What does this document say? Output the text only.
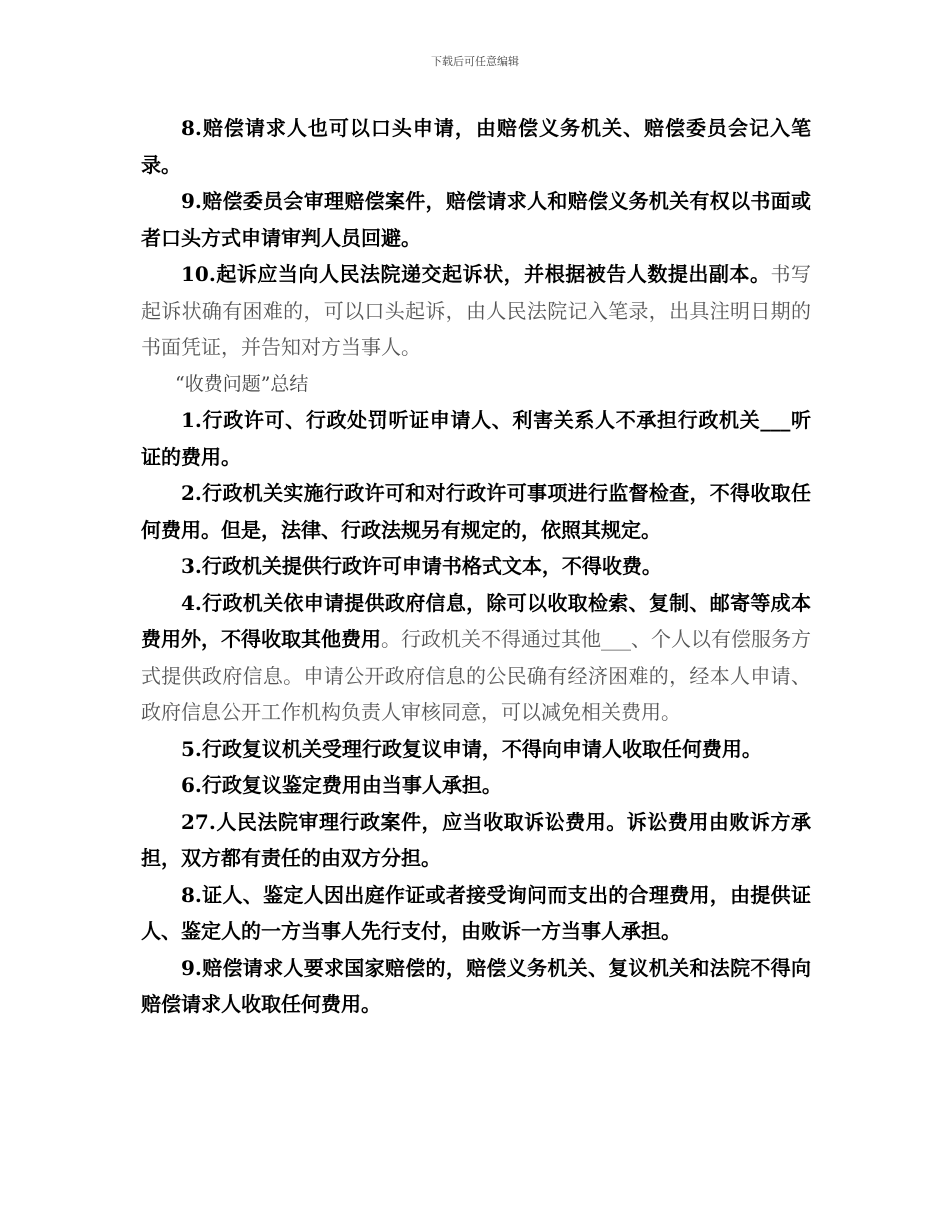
下载后可任意编辑

8.赔偿请求人也可以口头申请，由赔偿义务机关、赔偿委员会记入笔录。

9.赔偿委员会审理赔偿案件，赔偿请求人和赔偿义务机关有权以书面或者口头方式申请审判人员回避。

10.起诉应当向人民法院递交起诉状，并根据被告人数提出副本。书写起诉状确有困难的，可以口头起诉，由人民法院记入笔录，出具注明日期的书面凭证，并告知对方当事人。

“收费问题”总结

1.行政许可、行政处罚听证申请人、利害关系人不承担行政机关___听证的费用。

2.行政机关实施行政许可和对行政许可事项进行监督检查，不得收取任何费用。但是，法律、行政法规另有规定的，依照其规定。

3.行政机关提供行政许可申请书格式文本，不得收费。

4.行政机关依申请提供政府信息，除可以收取检索、复制、邮寄等成本费用外，不得收取其他费用。行政机关不得通过其他___、个人以有偿服务方式提供政府信息。申请公开政府信息的公民确有经济困难的，经本人申请、政府信息公开工作机构负责人审核同意，可以减免相关费用。

5.行政复议机关受理行政复议申请，不得向申请人收取任何费用。

6.行政复议鉴定费用由当事人承担。

27.人民法院审理行政案件，应当收取诉讼费用。诉讼费用由败诉方承担，双方都有责任的由双方分担。

8.证人、鉴定人因出庭作证或者接受询问而支出的合理费用，由提供证人、鉴定人的一方当事人先行支付，由败诉一方当事人承担。

9.赔偿请求人要求国家赔偿的，赔偿义务机关、复议机关和法院不得向赔偿请求人收取任何费用。
